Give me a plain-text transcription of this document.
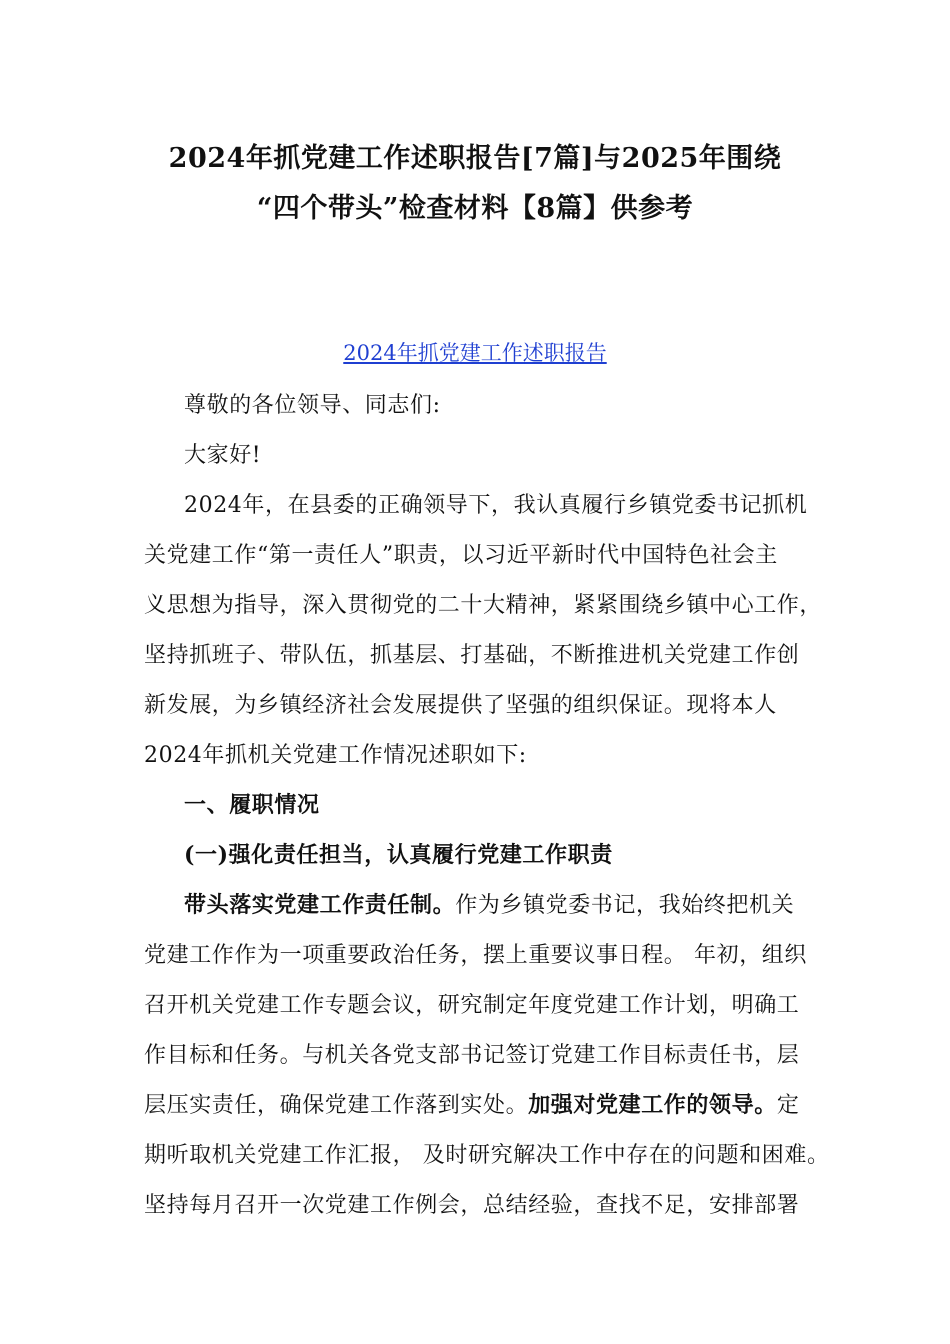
2024年抓党建工作述职报告[7篇]与2025年围绕
“四个带头”检查材料【8篇】供参考
2024年抓党建工作述职报告
尊敬的各位领导、同志们:
大家好!
2024年，在县委的正确领导下，我认真履行乡镇党委书记抓机
关党建工作“第一责任人”职责，以习近平新时代中国特色社会主
义思想为指导，深入贯彻党的二十大精神，紧紧围绕乡镇中心工作，
坚持抓班子、带队伍，抓基层、打基础，不断推进机关党建工作创
新发展，为乡镇经济社会发展提供了坚强的组织保证。现将本人
2024年抓机关党建工作情况述职如下:
一、履职情况
(一)强化责任担当，认真履行党建工作职责
带头落实党建工作责任制。作为乡镇党委书记，我始终把机关
党建工作作为一项重要政治任务，摆上重要议事日程。 年初，组织
召开机关党建工作专题会议，研究制定年度党建工作计划，明确工
作目标和任务。与机关各党支部书记签订党建工作目标责任书，层
层压实责任，确保党建工作落到实处。加强对党建工作的领导。定
期听取机关党建工作汇报， 及时研究解决工作中存在的问题和困难。
坚持每月召开一次党建工作例会，总结经验，查找不足，安排部署
